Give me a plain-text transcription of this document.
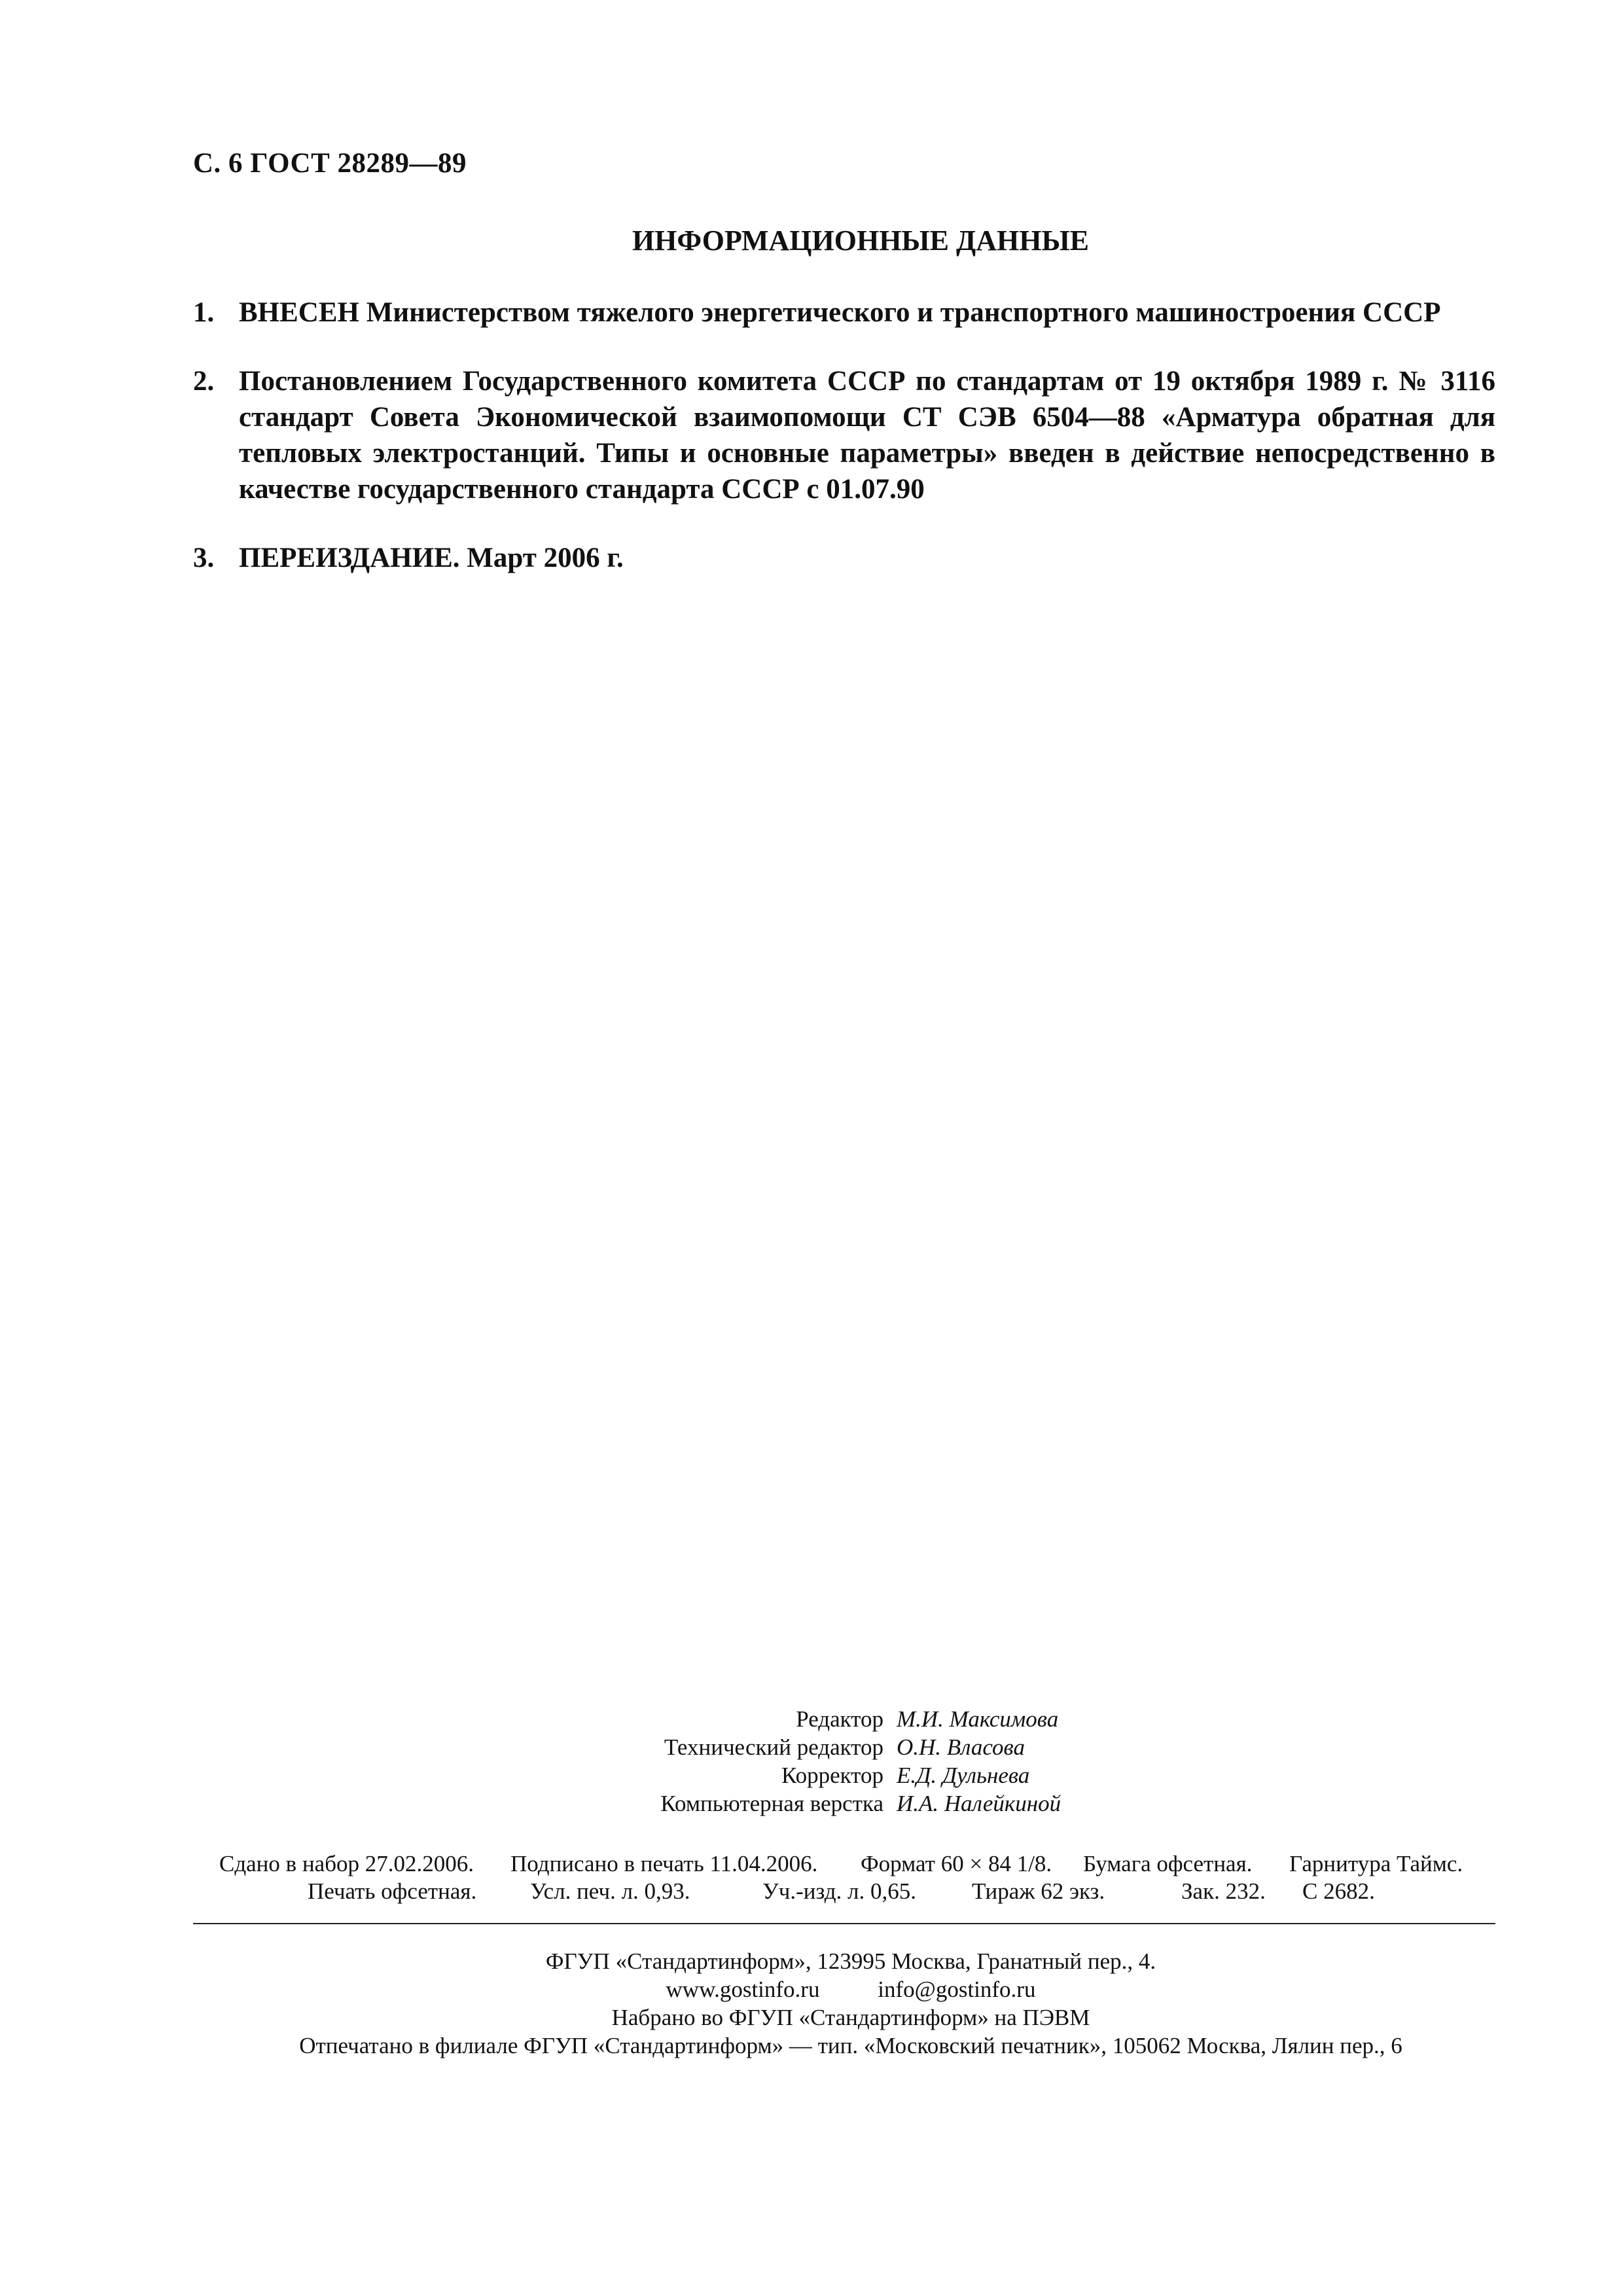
С. 6 ГОСТ 28289—89
ИНФОРМАЦИОННЫЕ ДАННЫЕ
1. ВНЕСЕН Министерством тяжелого энергетического и транспортного машиностроения СССР
2. Постановлением Государственного комитета СССР по стандартам от 19 октября 1989 г. № 3116 стандарт Совета Экономической взаимопомощи СТ СЭВ 6504—88 «Арматура обратная для тепловых электростанций. Типы и основные параметры» введен в действие непосредственно в качестве государственного стандарта СССР с 01.07.90
3. ПЕРЕИЗДАНИЕ. Март 2006 г.
Редактор М.И. Максимова
Технический редактор О.Н. Власова
Корректор Е.Д. Дульнева
Компьютерная верстка И.А. Налейкиной
Сдано в набор 27.02.2006.	Подписано в печать 11.04.2006.	Формат 60 × 84 1/8.	Бумага офсетная.	Гарнитура Таймс.
Печать офсетная.	Усл. печ. л. 0,93.	Уч.-изд. л. 0,65.	Тираж 62 экз.	Зак. 232.	С 2682.
ФГУП «Стандартинформ», 123995 Москва, Гранатный пер., 4.
www.gostinfo.ru	info@gostinfo.ru
Набрано во ФГУП «Стандартинформ» на ПЭВМ
Отпечатано в филиале ФГУП «Стандартинформ» — тип. «Московский печатник», 105062 Москва, Лялин пер., 6
